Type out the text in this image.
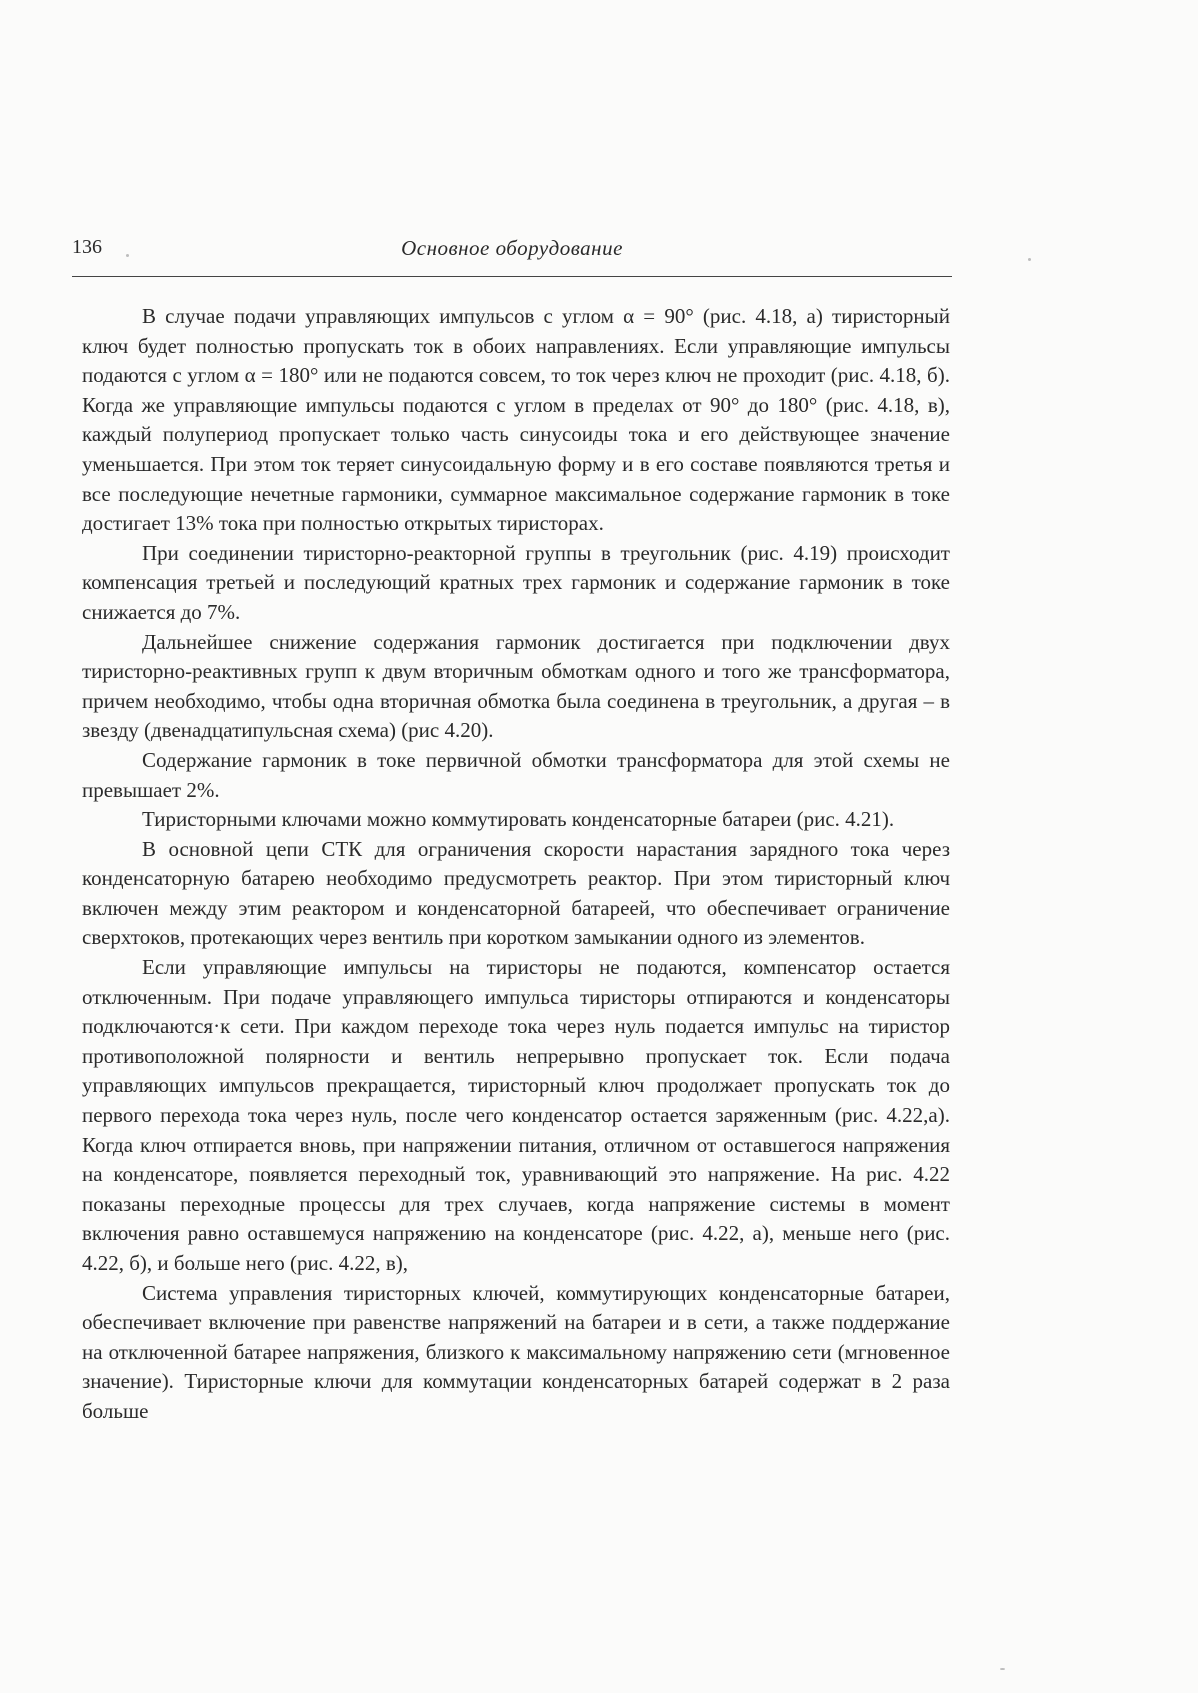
136	Основное оборудование

В случае подачи управляющих импульсов с углом α = 90° (рис. 4.18, а) тиристорный ключ будет полностью пропускать ток в обоих направлениях. Если управляющие импульсы подаются с углом α = 180° или не подаются совсем, то ток через ключ не проходит (рис. 4.18, б). Когда же управляющие импульсы подаются с углом в пределах от 90° до 180° (рис. 4.18, в), каждый полупериод пропускает только часть синусоиды тока и его действующее значение уменьшается. При этом ток теряет синусоидальную форму и в его составе появляются третья и все последующие нечетные гармоники, суммарное максимальное содержание гармоник в токе достигает 13% тока при полностью открытых тиристорах.

При соединении тиристорно-реакторной группы в треугольник (рис. 4.19) происходит компенсация третьей и последующий кратных трех гармоник и содержание гармоник в токе снижается до 7%.

Дальнейшее снижение содержания гармоник достигается при подключении двух тиристорно-реактивных групп к двум вторичным обмоткам одного и того же трансформатора, причем необходимо, чтобы одна вторичная обмотка была соединена в треугольник, а другая – в звезду (двенадцатипульсная схема) (рис 4.20).

Содержание гармоник в токе первичной обмотки трансформатора для этой схемы не превышает 2%.

Тиристорными ключами можно коммутировать конденсаторные батареи (рис. 4.21).

В основной цепи СТК для ограничения скорости нарастания зарядного тока через конденсаторную батарею необходимо предусмотреть реактор. При этом тиристорный ключ включен между этим реактором и конденсаторной батареей, что обеспечивает ограничение сверхтоков, протекающих через вентиль при коротком замыкании одного из элементов.

Если управляющие импульсы на тиристоры не подаются, компенсатор остается отключенным. При подаче управляющего импульса тиристоры отпираются и конденсаторы подключаются·к сети. При каждом переходе тока через нуль подается импульс на тиристор противоположной полярности и вентиль непрерывно пропускает ток. Если подача управляющих импульсов прекращается, тиристорный ключ продолжает пропускать ток до первого перехода тока через нуль, после чего конденсатор остается заряженным (рис. 4.22,а). Когда ключ отпирается вновь, при напряжении питания, отличном от оставшегося напряжения на конденсаторе, появляется переходный ток, уравнивающий это напряжение. На рис. 4.22 показаны переходные процессы для трех случаев, когда напряжение системы в момент включения равно оставшемуся напряжению на конденсаторе (рис. 4.22, а), меньше него (рис. 4.22, б), и больше него (рис. 4.22, в),

Система управления тиристорных ключей, коммутирующих конденсаторные батареи, обеспечивает включение при равенстве напряжений на батареи и в сети, а также поддержание на отключенной батарее напряжения, близкого к максимальному напряжению сети (мгновенное значение). Тиристорные ключи для коммутации конденсаторных батарей содержат в 2 раза больше
